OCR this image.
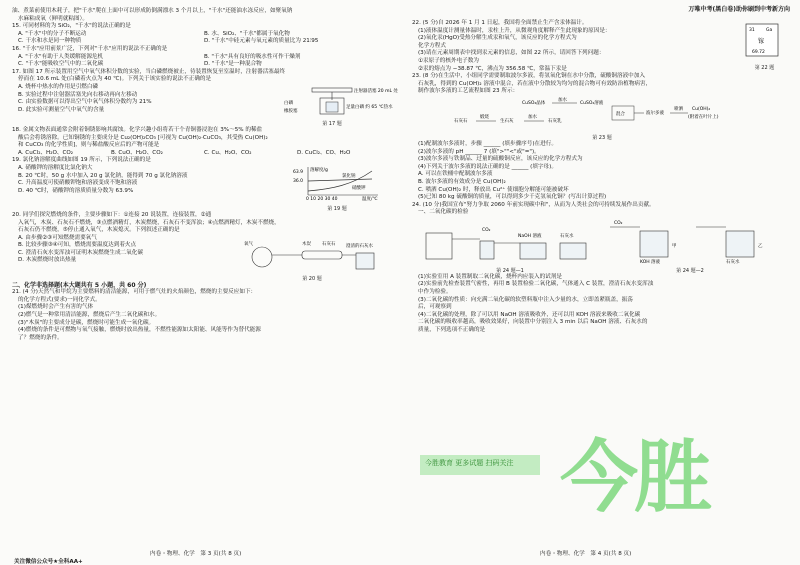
油、煮菜前使用木耗子，把"千水"爬在上面中可以形成防倒满漂水 3 个月以上，"千水"还能油水冻反应，如聚氧钠
水麻粘成氧（鲜明就粘图）。
15. 可同材料的为 SiO₂，"千水"的说法正确的是
A. "千水"中的分子不断运动	B. 水、SiO₂、"千水"都属于氧化物
C. 干水和水是同一种物质	D. "千水"中硅元素与氧元素的质量比为 21∶95
16. "千水"应用前景广泛，下列对"千水"应用的说法不正确的是
A. "千水"有助于人类缓解能源危机	B. "千水"具有良好的吸水性可作干燥剂
C. "千水"能吸收空气中的二氧化碳	D. "千水"是一种混合物
17. 如图 17 所示装置用空气中氧气体积分数的实验，当白磷燃烧被止，待装置恢复至室温时，注射器活塞最终
停而在 10.6 mL 处(白磷着火点为 40 ℃)。下列关于该实验的说法不正确的是
A. 烧杯中热水的作用是引燃白磷
B. 实验过程中注射器活塞先向右移动再向左移动
C. 由实验数据可以得出空气中氧气体积分数约为 21%
D. 此实验可测量空气中氧气的含量
注射器活塞 20 mL 处
白磷
足量白磷 约 65 ℃热水
橡胶塞
第 17 题
18. 金属文物表面通常会附着铜锈影响其腐蚀。化学兴趣小组将若干个青铜器浸泡在 3%～5% 的稀盐
酸后会将锈溶除。已知铜锈的主要成分是 Cu₂(OH)₂CO₃ [可视为 Cu(OH)₂·CuCO₃，其受热 Cu(OH)₂
和 CuCO₃ 的化学性质]，则与稀盐酸反应后的产物可能是
A. CuCl₂、H₂O、CO₂	B. CuO、H₂O、CO₂	C. Cu、H₂O、CO₂	D. CuCl₂、CO、H₂O
19. 氯化钠溶解度曲线如图 19 所示，下列说法正确的是
A. 硝酸钾的溶解度比氯化钠大
B. 20 ℃时，50 g 水中加入 20 g 氯化钠，能得到 70 g 氯化钠溶液
C. 升高温度可使硝酸钾饱和溶液变成不饱和溶液
D. 40 ℃时，硝酸钾的溶质质量分数为 63.9%
溶解度/g
氯化钠
硝酸钾
温度/℃
63.9
36.0
0 10 20 30 40
第 19 题
20. 同学们探究燃烧的条件，主要步骤如下：①连接 20 说装置，连接装置，②通
入氧气，木炭、石灰石不燃烧，③点燃酒精灯，木炭燃烧，石灰石不变浑浊；④点燃酒精灯，木炭不燃烧，
石灰石仍不燃烧，⑤停止通入氧气，木炭熄灭。下列叙述正确的是
A. 由步骤②③可知燃烧需要氧气
B. 比较步骤③④可知，燃烧需要温度达到着火点
C. 澄清石灰水变浑浊可证明木炭燃烧生成二氧化碳
D. 木炭燃烧时放出热量
木炭 石灰石
氧气	澄清的石灰水
第 20 题
二、化学非选择题(本大题共有 5 小题，共 60 分)
21. (4 分)天然气和甲烷为主要燃料的清洁能源，可用于燃气灶的火焰颜色，燃烧的主要反应如下：
的化学方程式(要求)一同化学式。
(1)煤燃烧时会产生有害的气体
(2)燃气是一种常用清洁能源，燃烧后产生二氧化碳和水。
(3)"木炭"的主要成分是碳，燃烧时可能生成一氧化碳。
(4)燃烧的条件是可燃物与氧气接触，燃烧时放出热量，不燃性能源如太阳能、风能等作为替代能源
了？燃烧的条件。
内卷・物理、化学　第 3 页(共 8 页)
关注微信公众号★全科AA+
万唯中考(黑白卷)助你刷到中考新方向
22. (5 分)自 2026 年 1 月 1 日起，我国将全面禁止生产含汞体温计。
(1)液体温度计测量体温时，汞柱上升，从微观角度解释产生此现象的原因是：
(2)氧化汞(HgO)受热分解生成汞和氧气，该反应的化学方程式为
化学方程式
(3)请在元素周期表中找到汞元素的信息，如图 22 所示，请回答下列问题：
①汞原子的核外电子数为
②汞的熔点为 −38.87 ℃，沸点为 356.58 ℃，常温下汞是
31	Ga
镓
69.72
第 22 题
23. (8 分)在生活中，小组同学需要制取波尔多液，将氢氧化铜在水中分散，硫酸铜溶液中加入
石灰乳，得到的 Cu(OH)₂ 溶液中混合，若在液中分散较为均匀的混合物可有效防治植物病害，
制作波尔多液的工艺流程如图 23 所示：
CuSO₄晶体
加水
CuSO₄溶液
石灰石
煅烧
生石灰
加水
石灰乳
混合	波尔多液
喷洒 Cu(OH)₂
(附着在叶片上)
第 23 题
(1)配制波尔多液时，步骤 ______ (填步骤序号)在进行。
(2)波尔多液的 pH ______ 7 (填">""<"或"=")。
(3)波尔多液与铁制品、过量的硫酸铜反应，该反应的化学方程式为
(4)下列关于波尔多液的说法正确的是 ______ (填字母)。
A. 可以在铁桶中配制波尔多液
B. 波尔多液的有效成分是 Cu(OH)₂
C. 喷洒 Cu(OH)₂ 时，释放出 Cu²⁺ 使细胞分解能可能被破坏
(5)已知 80 kg 硫酸铜的质量，可以得到多少千克氢氧化铜？(写出计算过程)
24. (10 分)我国宣布"努力争取 2060 年前实现碳中和"，从而为人类社会的可持续发展作出贡献。
一、二氧化碳的检验
CO₂
NaOH 溶液	石灰水
第 24 题—1
CO₂
KOH 溶液	石灰水
甲	乙
第 24 题—2
(1)实验室用 A 装置制取二氧化碳，烧杯内应装入的试剂是
(2)实验前先检查装置气密性，再用 B 装置检验二氧化碳，气体通入 C 装置，澄清石灰水变浑浊
中作为检验。
(3)二氧化碳的性质：向充满二氧化碳的软塑料瓶中注入少量的水，立即盖紧瓶盖，振荡
后，可观察到
(4)二氧化碳的处理，除了可以用 NaOH 溶液吸收外，还可以用 KOH 溶液来吸收二氧化碳
二氧化碳的吸收率越高，吸收效果好，向装置中分别注入 3 min 以后 NaOH 溶液、石灰水的
质量，下列选项不正确的是
内卷・物理、化学　第 4 页(共 8 页)
今胜教育 更多试题 扫码关注 今胜
